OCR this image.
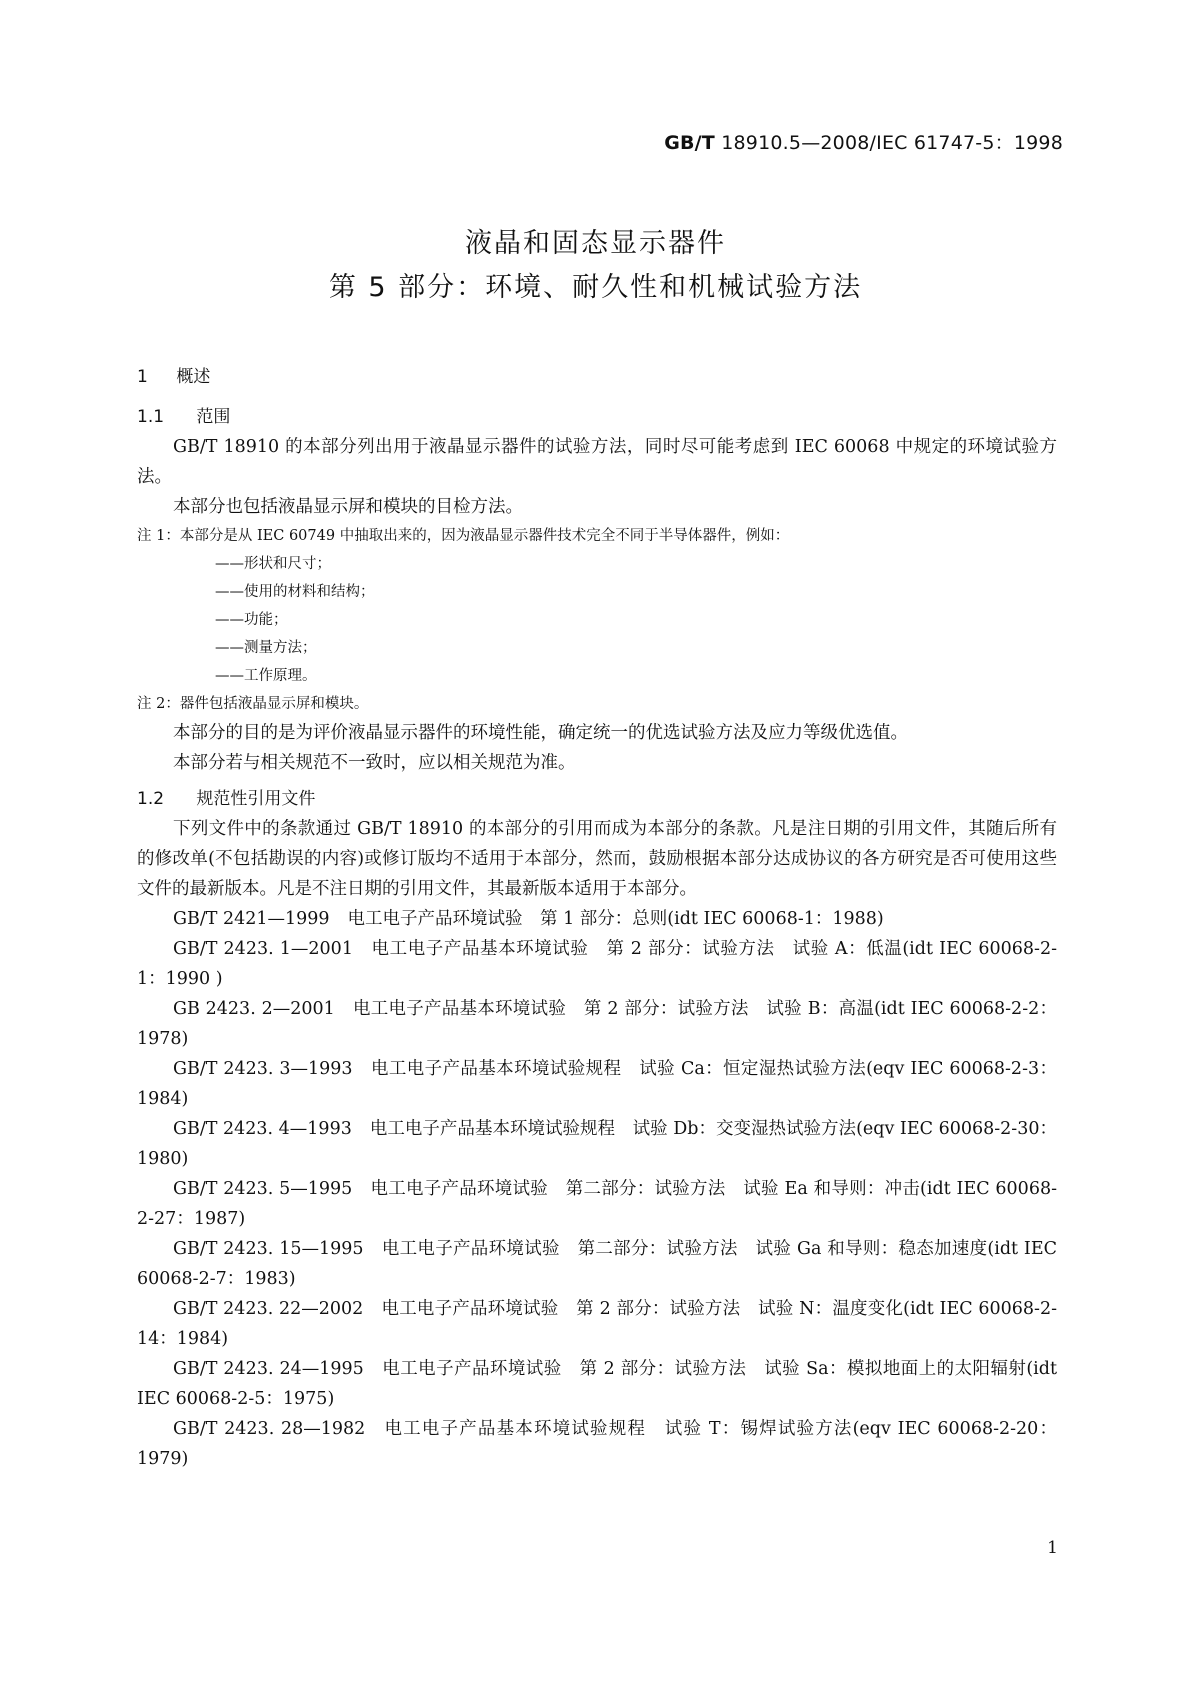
GB/T 18910.5—2008/IEC 61747-5：1998
液晶和固态显示器件
第 5 部分：环境、耐久性和机械试验方法
1 概述
1.1 范围

GB/T 18910 的本部分列出用于液晶显示器件的试验方法，同时尽可能考虑到 IEC 60068 中规定的环境试验方法。

本部分也包括液晶显示屏和模块的目检方法。

注 1：本部分是从 IEC 60749 中抽取出来的，因为液晶显示器件技术完全不同于半导体器件，例如：
——形状和尺寸；
——使用的材料和结构；
——功能；
——测量方法；
——工作原理。
注 2：器件包括液晶显示屏和模块。

本部分的目的是为评价液晶显示器件的环境性能，确定统一的优选试验方法及应力等级优选值。

本部分若与相关规范不一致时，应以相关规范为准。

1.2 规范性引用文件

下列文件中的条款通过 GB/T 18910 的本部分的引用而成为本部分的条款。凡是注日期的引用文件，其随后所有的修改单(不包括勘误的内容)或修订版均不适用于本部分，然而，鼓励根据本部分达成协议的各方研究是否可使用这些文件的最新版本。凡是不注日期的引用文件，其最新版本适用于本部分。

GB/T 2421—1999 电工电子产品环境试验　第 1 部分：总则(idt IEC 60068-1：1988)

GB/T 2423. 1—2001 电工电子产品基本环境试验　第 2 部分：试验方法　试验 A：低温(idt IEC 60068-2-1：1990 )

GB 2423. 2—2001 电工电子产品基本环境试验　第 2 部分：试验方法　试验 B：高温(idt IEC 60068-2-2：1978)

GB/T 2423. 3—1993 电工电子产品基本环境试验规程　试验 Ca：恒定湿热试验方法(eqv IEC 60068-2-3：1984)

GB/T 2423. 4—1993 电工电子产品基本环境试验规程　试验 Db：交变湿热试验方法(eqv IEC 60068-2-30：1980)

GB/T 2423. 5—1995 电工电子产品环境试验　第二部分：试验方法　试验 Ea 和导则：冲击(idt IEC 60068-2-27：1987)

GB/T 2423. 15—1995 电工电子产品环境试验　第二部分：试验方法　试验 Ga 和导则：稳态加速度(idt IEC 60068-2-7：1983)

GB/T 2423. 22—2002 电工电子产品环境试验　第 2 部分：试验方法　试验 N：温度变化(idt IEC 60068-2-14：1984)

GB/T 2423. 24—1995 电工电子产品环境试验　第 2 部分：试验方法　试验 Sa：模拟地面上的太阳辐射(idt IEC 60068-2-5：1975)

GB/T 2423. 28—1982 电工电子产品基本环境试验规程　试验 T：锡焊试验方法(eqv IEC 60068-2-20：1979)

1
